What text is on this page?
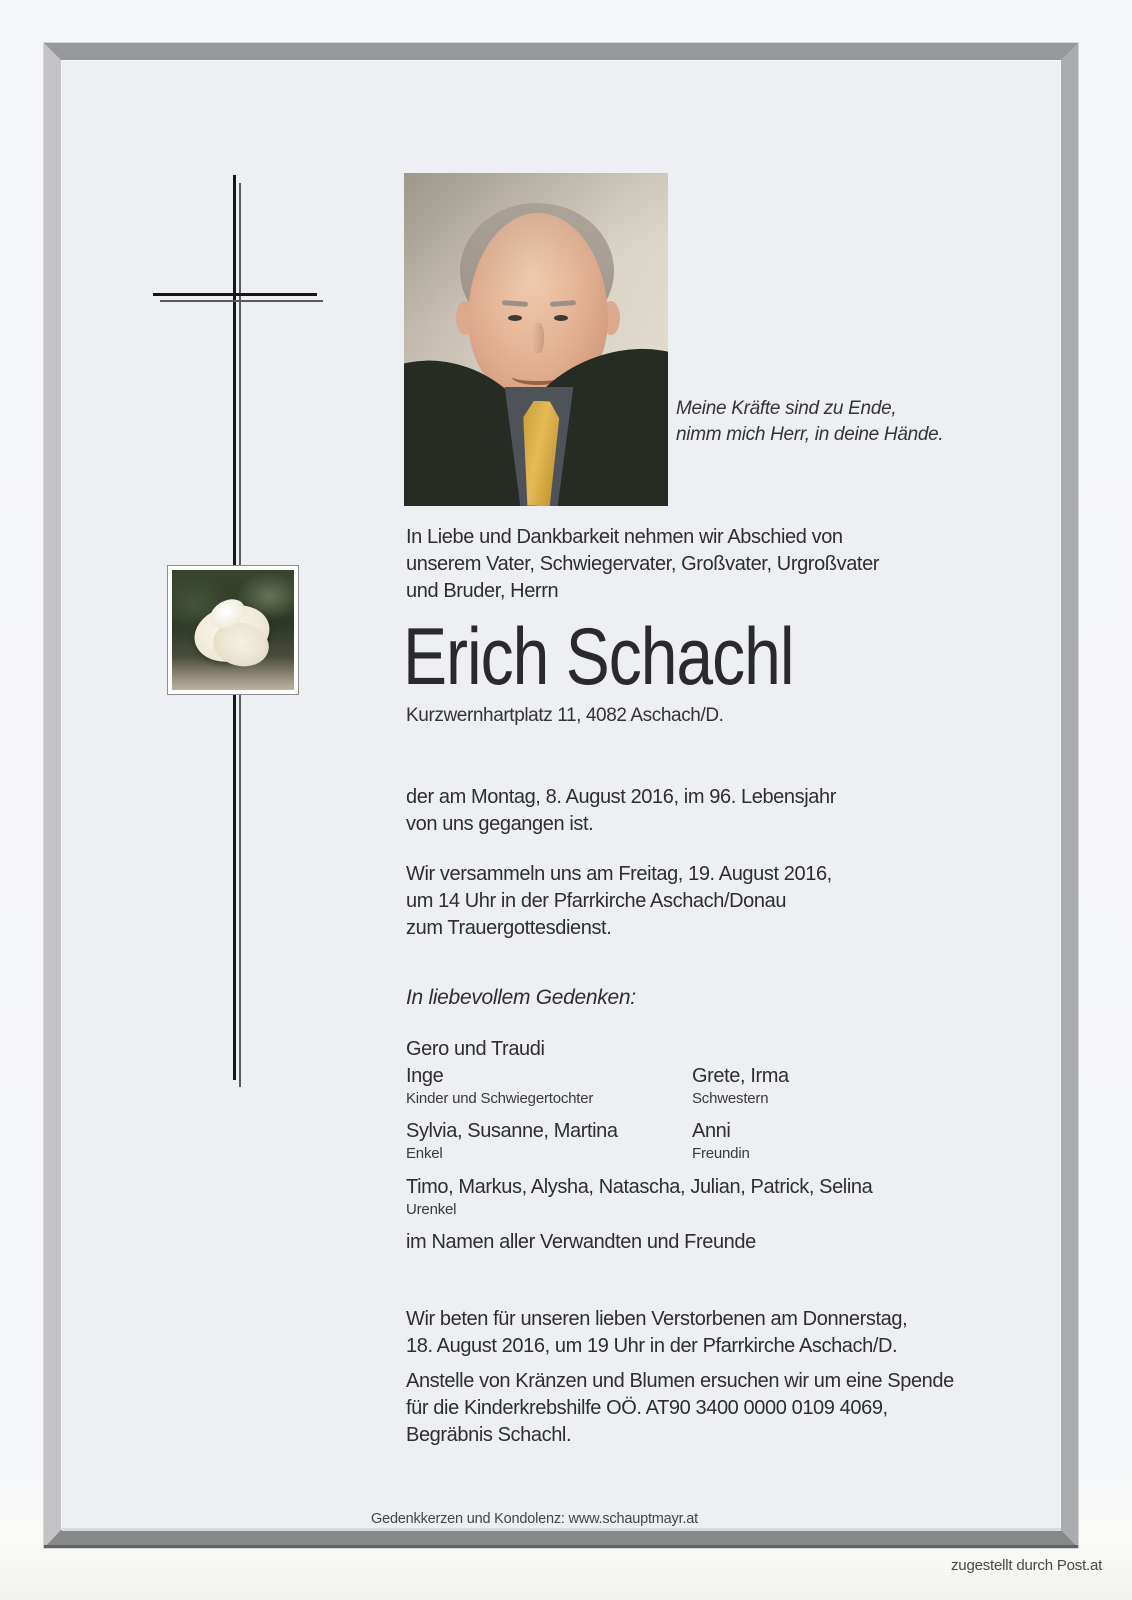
Meine Kräfte sind zu Ende,
nimm mich Herr, in deine Hände.
In Liebe und Dankbarkeit nehmen wir Abschied von
unserem Vater, Schwiegervater, Großvater, Urgroßvater
und Bruder, Herrn
Erich Schachl
Kurzwernhartplatz 11, 4082 Aschach/D.
der am Montag, 8. August 2016, im 96. Lebensjahr
von uns gegangen ist.
Wir versammeln uns am Freitag, 19. August 2016,
um 14 Uhr in der Pfarrkirche Aschach/Donau
zum Trauergottesdienst.
In liebevollem Gedenken:
Gero und Traudi
Inge	Grete, Irma
Kinder und Schwiegertochter	Schwestern
Sylvia, Susanne, Martina	Anni
Enkel	Freundin
Timo, Markus, Alysha, Natascha, Julian, Patrick, Selina
Urenkel
im Namen aller Verwandten und Freunde
Wir beten für unseren lieben Verstorbenen am Donnerstag,
18. August 2016, um 19 Uhr in der Pfarrkirche Aschach/D.
Anstelle von Kränzen und Blumen ersuchen wir um eine Spende
für die Kinderkrebshilfe OÖ. AT90 3400 0000 0109 4069,
Begräbnis Schachl.
Gedenkkerzen und Kondolenz: www.schauptmayr.at
zugestellt durch Post.at
